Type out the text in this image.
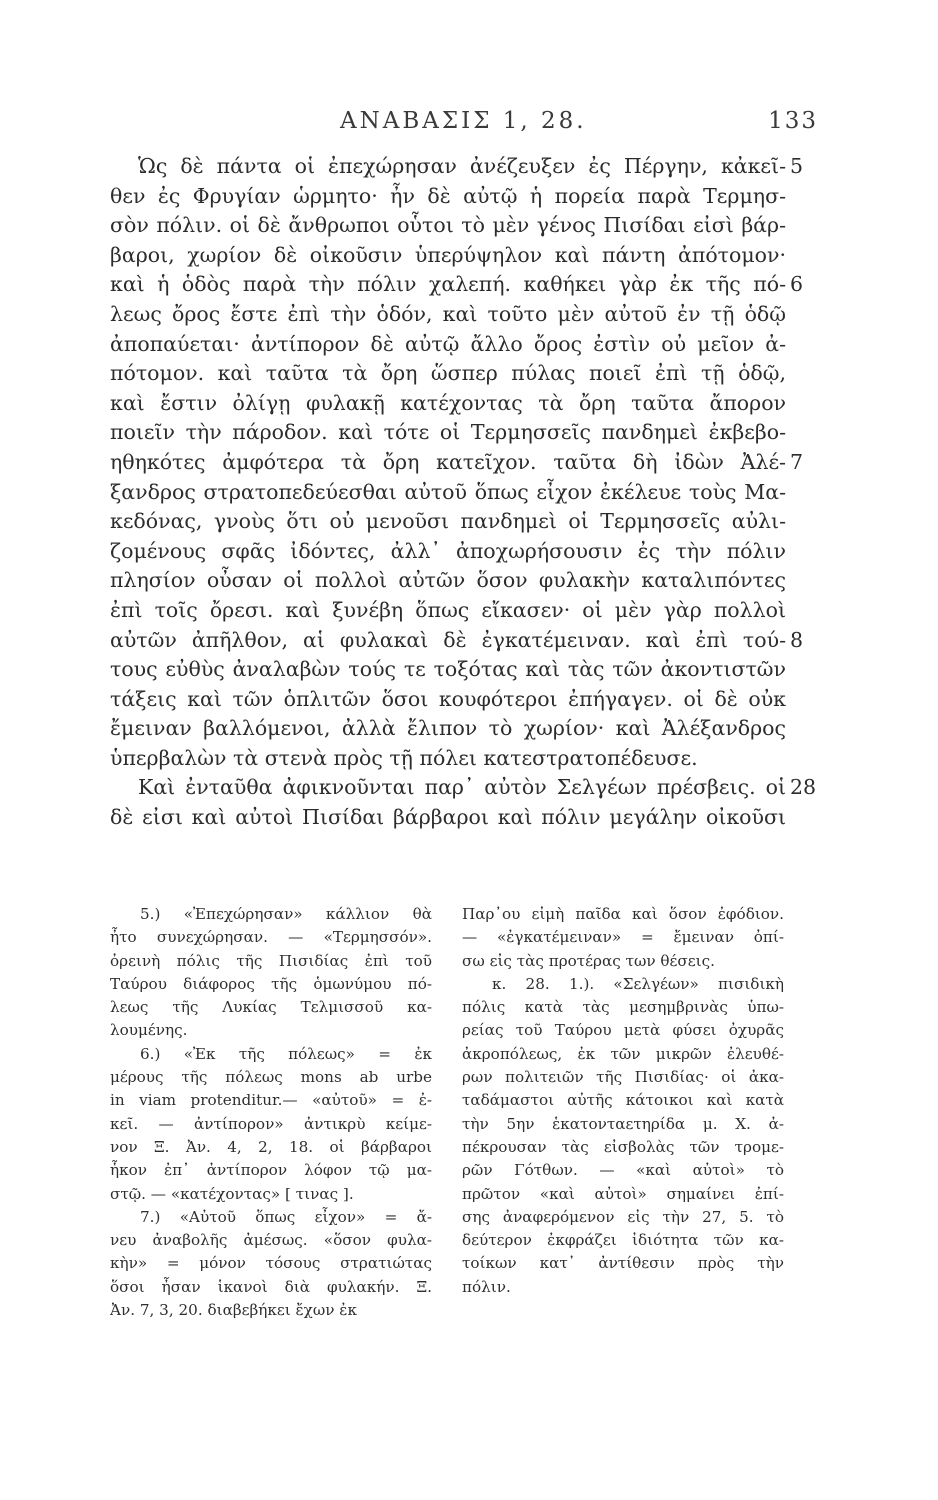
ΑΝΑΒΑΣΙΣ 1, 28.	133
Ὡς δὲ πάντα οἱ ἐπεχώρησαν ἀνέζευξεν ἐς Πέργην, κἀκεῖ- 5
θεν ἐς Φρυγίαν ὡρμητο· ἦν δὲ αὐτῷ ἡ πορεία παρὰ Τερμησ-
σὸν πόλιν. οἱ δὲ ἄνθρωποι οὗτοι τὸ μὲν γένος Πισίδαι εἰσὶ βάρ-
βαροι, χωρίον δὲ οἰκοῦσιν ὑπερύψηλον καὶ πάντη ἀπότομον·
καὶ ἡ ὁδὸς παρὰ τὴν πόλιν χαλεπή. καθήκει γὰρ ἐκ τῆς πό- 6
λεως ὄρος ἔστε ἐπὶ τὴν ὁδόν, καὶ τοῦτο μὲν αὐτοῦ ἐν τῇ ὁδῷ
ἀποπαύεται· ἀντίπορον δὲ αὐτῷ ἄλλο ὄρος ἐστὶν οὐ μεῖον ἀ-
πότομον. καὶ ταῦτα τὰ ὄρη ὥσπερ πύλας ποιεῖ ἐπὶ τῇ ὁδῷ,
καὶ ἔστιν ὀλίγῃ φυλακῇ κατέχοντας τὰ ὄρη ταῦτα ἄπορον
ποιεῖν τὴν πάροδον. καὶ τότε οἱ Τερμησσεῖς πανδημεὶ ἐκβεβο-
ηθηκότες ἀμφότερα τὰ ὄρη κατεῖχον. ταῦτα δὴ ἰδὼν Ἀλέ- 7
ξανδρος στρατοπεδεύεσθαι αὐτοῦ ὅπως εἶχον ἐκέλευε τοὺς Μα-
κεδόνας, γνοὺς ὅτι οὐ μενοῦσι πανδημεὶ οἱ Τερμησσεῖς αὐλι-
ζομένους σφᾶς ἰδόντες, ἀλλ᾽ ἀποχωρήσουσιν ἐς τὴν πόλιν
πλησίον οὖσαν οἱ πολλοὶ αὐτῶν ὅσον φυλακὴν καταλιπόντες
ἐπὶ τοῖς ὄρεσι. καὶ ξυνέβη ὅπως εἴκασεν· οἱ μὲν γὰρ πολλοὶ
αὐτῶν ἀπῆλθον, αἱ φυλακαὶ δὲ ἐγκατέμειναν. καὶ ἐπὶ τού- 8
τους εὐθὺς ἀναλαβὼν τούς τε τοξότας καὶ τὰς τῶν ἀκοντιστῶν
τάξεις καὶ τῶν ὁπλιτῶν ὅσοι κουφότεροι ἐπήγαγεν. οἱ δὲ οὐκ
ἔμειναν βαλλόμενοι, ἀλλὰ ἔλιπον τὸ χωρίον· καὶ Ἀλέξανδρος
ὑπερβαλὼν τὰ στενὰ πρὸς τῇ πόλει κατεστρατοπέδευσε.
Καὶ ἐνταῦθα ἀφικνοῦνται παρ᾽ αὐτὸν Σελγέων πρέσβεις. οἱ 28
δὲ εἰσι καὶ αὐτοὶ Πισίδαι βάρβαροι καὶ πόλιν μεγάλην οἰκοῦσι
5.) «Ἐπεχώρησαν» κάλλιον θὰ
ἦτο συνεχώρησαν. — «Τερμησσόν».
ὀρεινὴ πόλις τῆς Πισιδίας ἐπὶ τοῦ
Ταύρου διάφορος τῆς ὁμωνύμου πό-
λεως τῆς Λυκίας Τελμισσοῦ κα-
λουμένης.
6.) «Ἐκ τῆς πόλεως» = ἐκ
μέρους τῆς πόλεως mons ab urbe
in viam protenditur.— «αὐτοῦ» = ἐ-
κεῖ. — ἀντίπορον» ἀντικρὺ κείμε-
νον Ξ. Ἀν. 4, 2, 18. οἱ βάρβαροι
ἧκον ἐπ᾽ ἀντίπορον λόφον τῷ μα-
στῷ. — «κατέχοντας» [ τινας ].
7.) «Αὐτοῦ ὅπως εἶχον» = ἄ-
νευ ἀναβολῆς ἀμέσως. «ὅσον φυλα-
κὴν» = μόνον τόσους στρατιώτας
ὅσοι ἦσαν ἱκανοὶ διὰ φυλακήν. Ξ.
Ἀν. 7, 3, 20. διαβεβήκει ἔχων ἐκ
Παρ᾽ου εἰμὴ παῖδα καὶ ὅσον ἐφόδιον.
— «ἐγκατέμειναν» = ἔμειναν ὀπί-
σω εἰς τὰς προτέρας των θέσεις.
κ. 28. 1.). «Σελγέων» πισιδικὴ
πόλις κατὰ τὰς μεσημβρινὰς ὑπω-
ρείας τοῦ Ταύρου μετὰ φύσει ὀχυρᾶς
ἀκροπόλεως, ἐκ τῶν μικρῶν ἐλευθέ-
ρων πολιτειῶν τῆς Πισιδίας· οἱ ἀκα-
ταδάμαστοι αὐτῆς κάτοικοι καὶ κατὰ
τὴν 5ην ἑκατονταετηρίδα μ. Χ. ἀ-
πέκρουσαν τὰς εἰσβολὰς τῶν τρομε-
ρῶν Γότθων. — «καὶ αὐτοὶ» τὸ
πρῶτον «καὶ αὐτοὶ» σημαίνει ἐπί-
σης ἀναφερόμενον εἰς τὴν 27, 5. τὸ
δεύτερον ἐκφράζει ἰδιότητα τῶν κα-
τοίκων κατ᾽ ἀντίθεσιν πρὸς τὴν
πόλιν.
